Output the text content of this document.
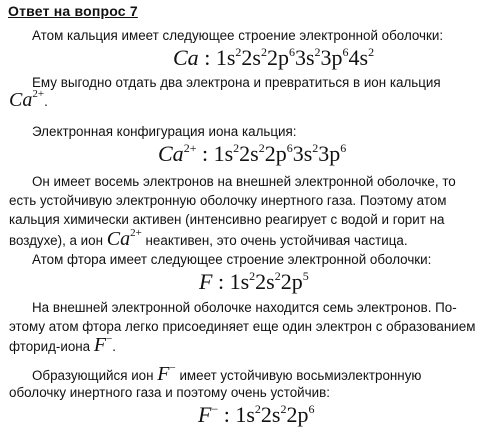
Ответ на вопрос 7
Атом кальция имеет следующее строение электронной оболочки:
Ca : $1s^22s^22p^63s^23p^64s^2$
Ему выгодно отдать два электрона и превратиться в ион кальция
$Ca^{2+}$.
Электронная конфигурация иона кальция:
$Ca^{2+}$ : $1s^22s^22p^63s^23p^6$
Он имеет восемь электронов на внешней электронной оболочке, то
есть устойчивую электронную оболочку инертного газа. Поэтому атом
кальция химически активен (интенсивно реагирует с водой и горит на
воздухе), а ион $Ca^{2+}$ неактивен, это очень устойчивая частица.
Атом фтора имеет следующее строение электронной оболочки:
F : $1s^22s^22p^5$
На внешней электронной оболочке находится семь электронов. По-
этому атом фтора легко присоединяет еще один электрон с образованием
фторид-иона F−.
Образующийся ион F− имеет устойчивую восьмиэлектронную
оболочку инертного газа и поэтому очень устойчив:
F− : $1s^22s^22p^6$
